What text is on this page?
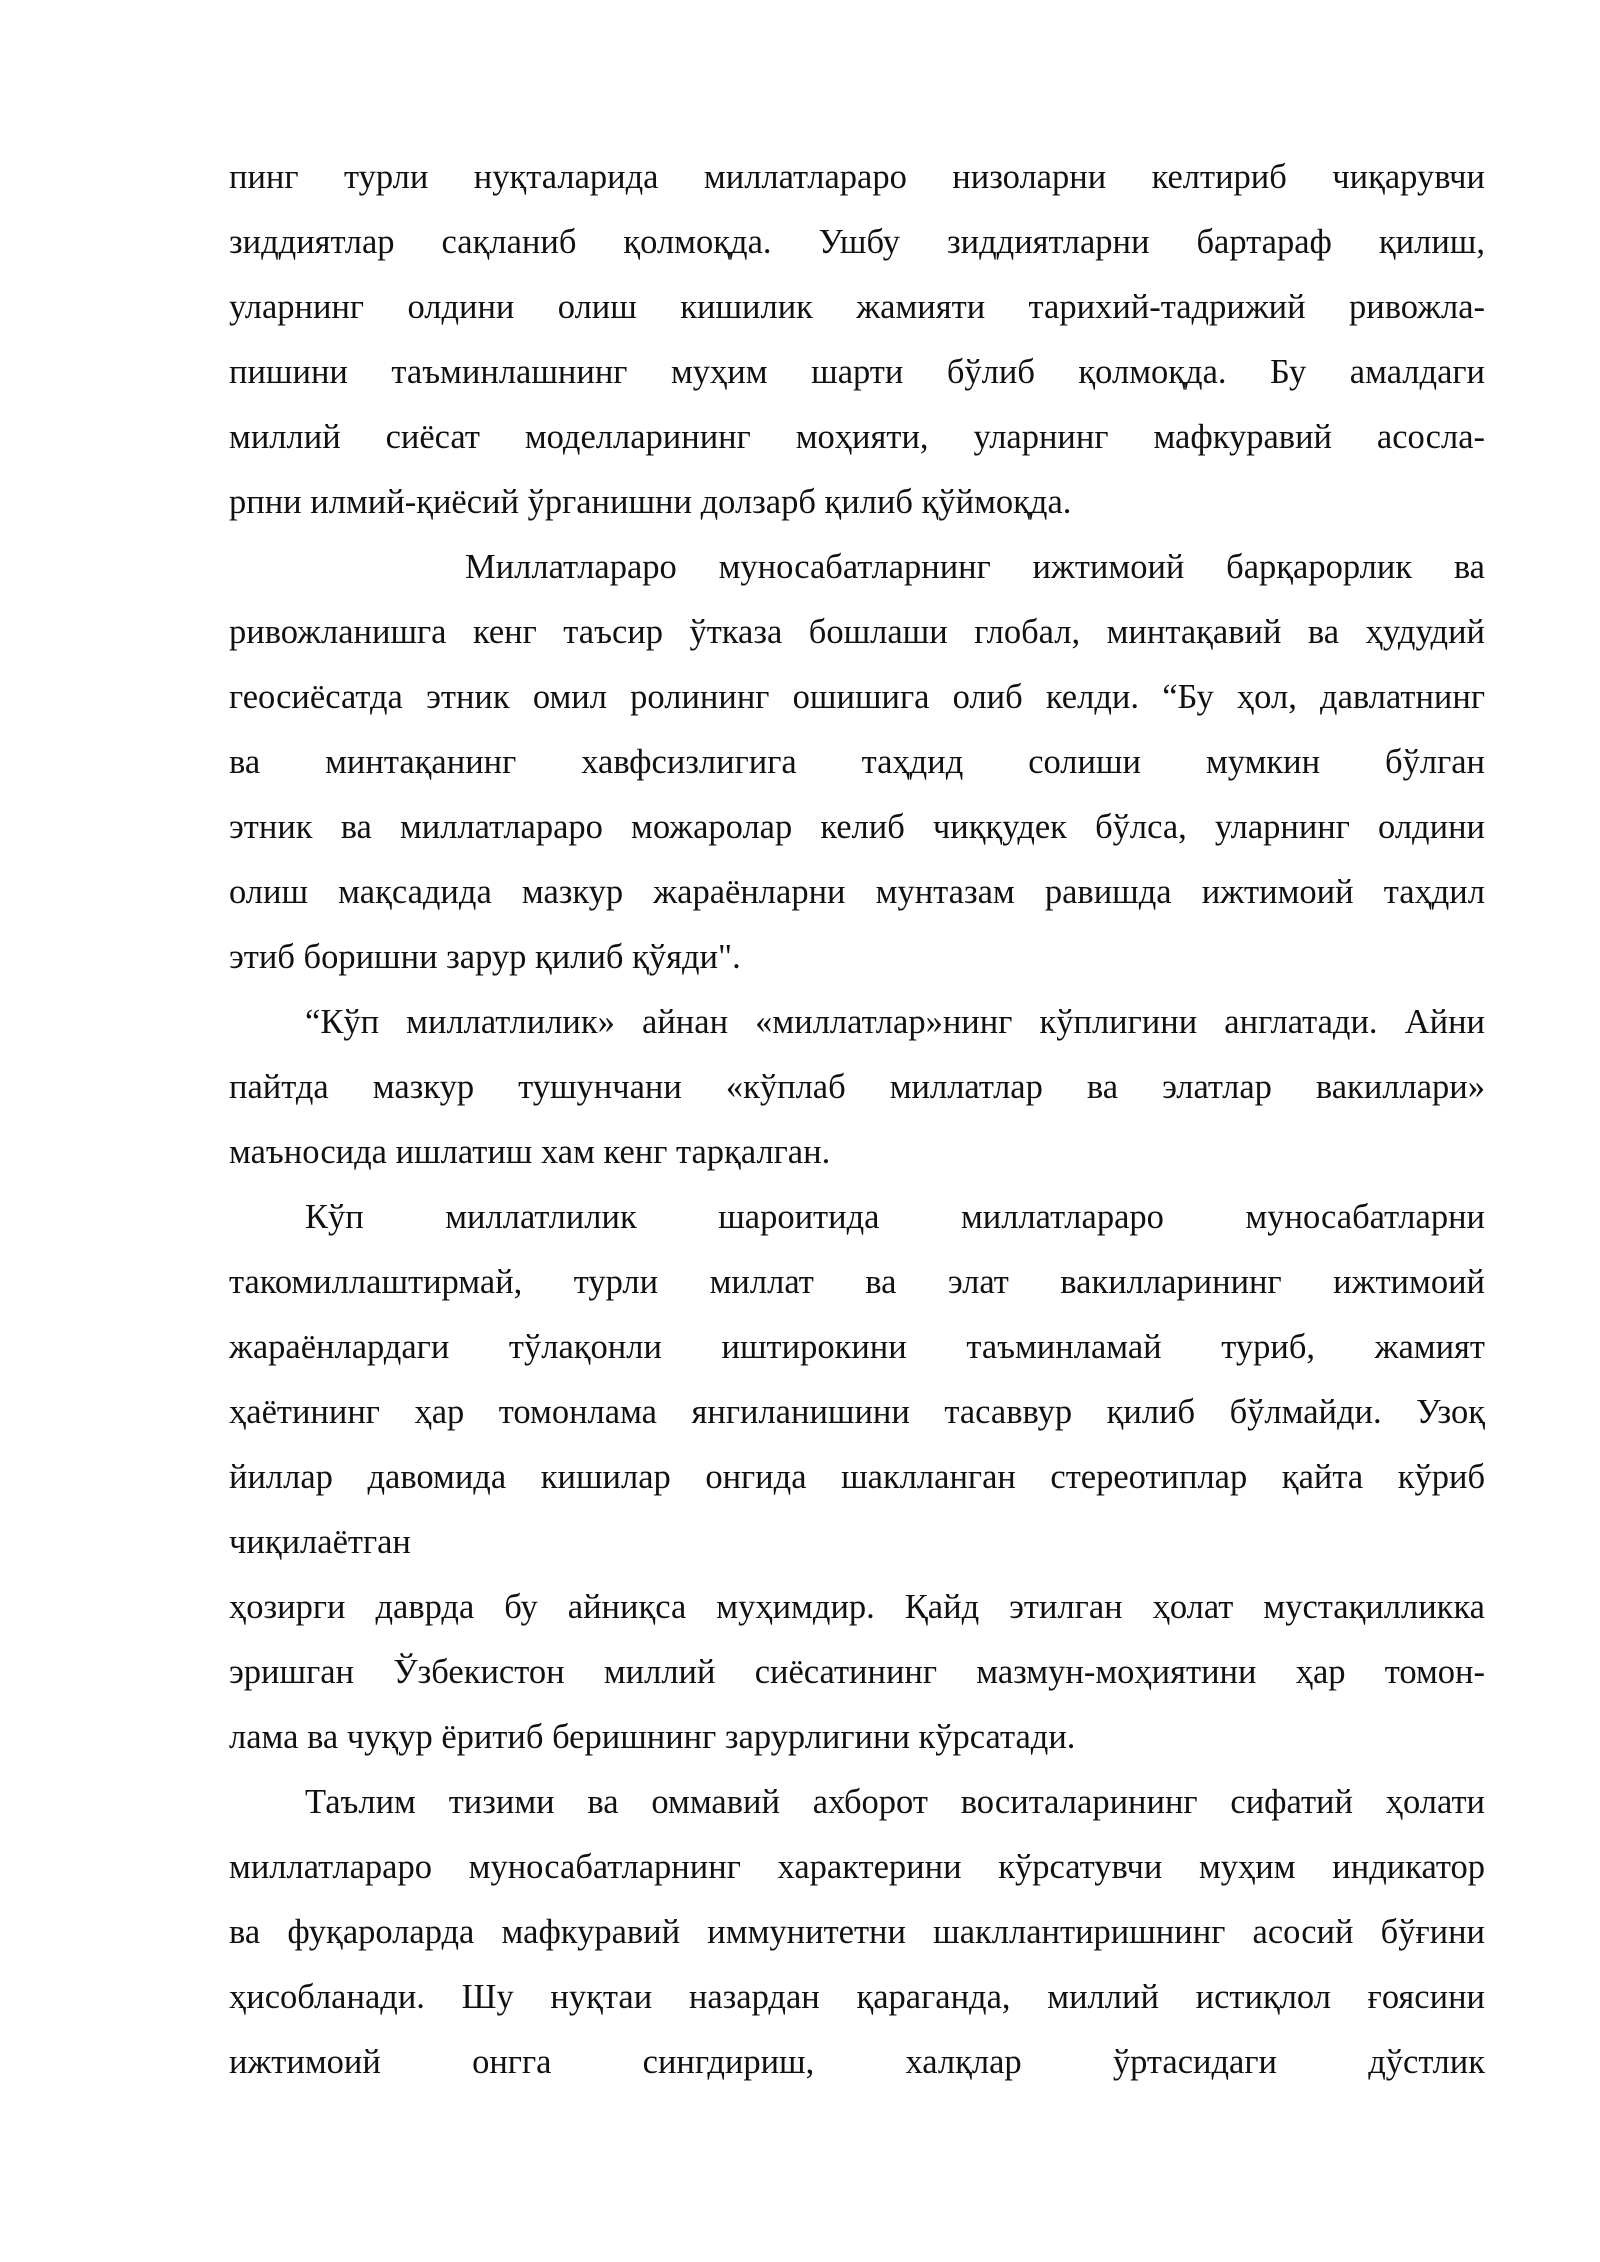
пинг турли нуқталарида миллатлараро низоларни келтириб чиқарувчи
зиддиятлар сақланиб қолмоқда. Ушбу зиддиятларни бартараф қилиш,
уларнинг олдини олиш кишилик жамияти тарихий-тадрижий ривожла-
пишини таъминлашнинг муҳим шарти бўлиб қолмоқда. Бу амалдаги
миллий сиёсат моделларининг моҳияти, уларнинг мафкуравий асосла-
рпни илмий-қиёсий ўрганишни долзарб қилиб қўймоқда.
Миллатлараро муносабатларнинг ижтимоий барқарорлик ва
ривожланишга кенг таъсир ўтказа бошлаши глобал, минтақавий ва ҳудудий
геосиёсатда этник омил ролининг ошишига олиб келди. “Бу ҳол, давлатнинг
ва минтақанинг хавфсизлигига таҳдид солиши мумкин бўлган
этник ва миллатлараро можаролар келиб чиққудек бўлса, уларнинг олдини
олиш мақсадида мазкур жараёнларни мунтазам равишда ижтимоий таҳдил
этиб боришни зарур қилиб қўяди".
“Кўп миллатлилик» айнан «миллатлар»нинг кўплигини англатади. Айни
пайтда мазкур тушунчани «кўплаб миллатлар ва элатлар вакиллари»
маъносида ишлатиш хам кенг тарқалган.
Кўп миллатлилик шароитида миллатлараро муносабатларни
такомиллаштирмай, турли миллат ва элат вакилларининг ижтимоий
жараёнлардаги тўлақонли иштирокини таъминламай туриб, жамият
ҳаётининг ҳар томонлама янгиланишини тасаввур қилиб бўлмайди. Узоқ
йиллар давомида кишилар онгида шаклланган стереотиплар қайта кўриб
чиқилаётган
ҳозирги даврда бу айниқса муҳимдир. Қайд этилган ҳолат мустақилликка
эришган Ўзбекистон миллий сиёсатининг мазмун-моҳиятини ҳар томон-
лама ва чуқур ёритиб беришнинг зарурлигини кўрсатади.
Таълим тизими ва оммавий ахборот воситаларининг сифатий ҳолати
миллатлараро муносабатларнинг характерини кўрсатувчи муҳим индикатор
ва фуқароларда мафкуравий иммунитетни шакллантиришнинг асосий бўғини
ҳисобланади. Шу нуқтаи назардан қараганда, миллий истиқлол ғоясини
ижтимоий онгга сингдириш, халқлар ўртасидаги дўстлик
